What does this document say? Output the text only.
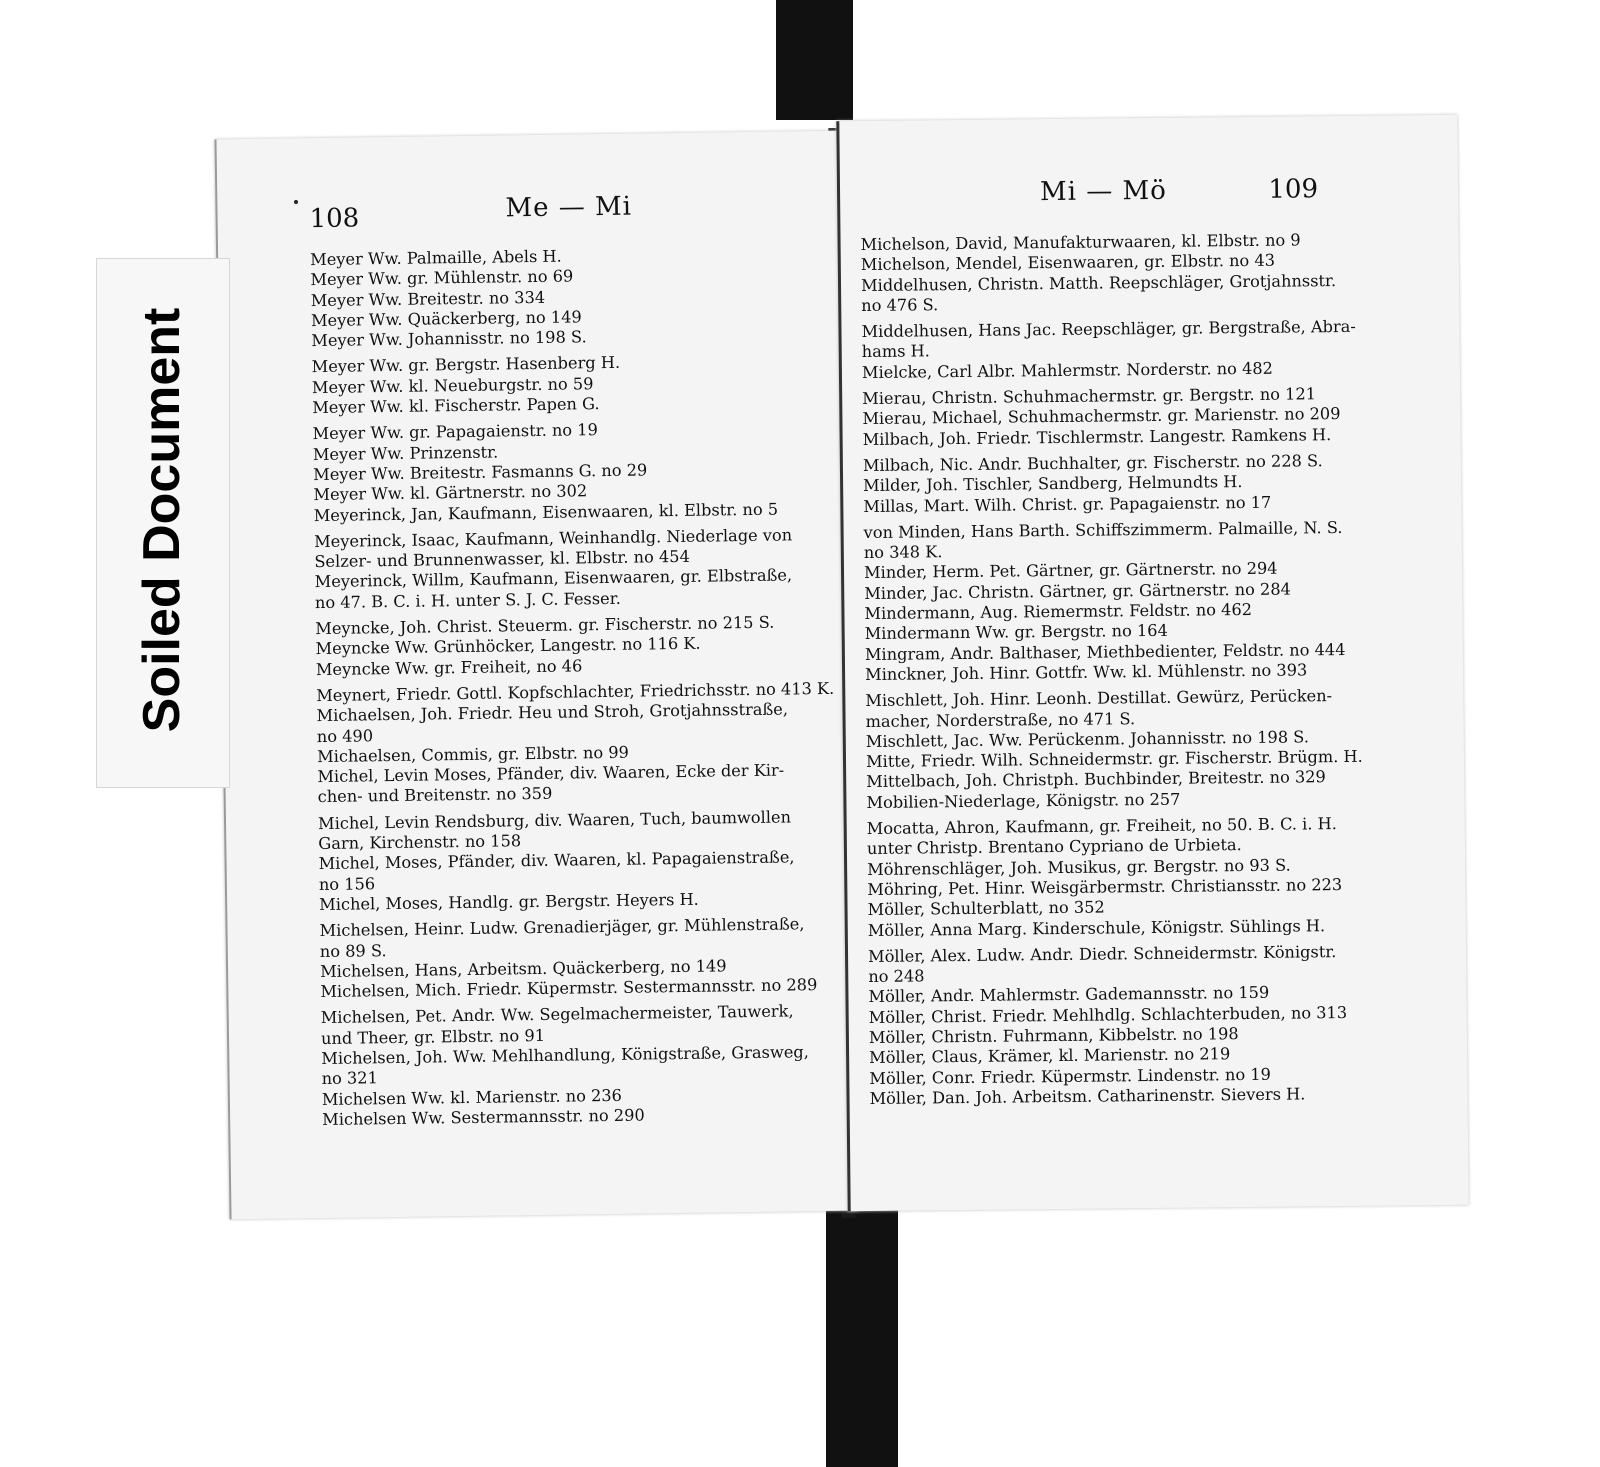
108	Me — Mi
Meyer Ww. Palmaille, Abels H.
Meyer Ww. gr. Mühlenstr. no 69
Meyer Ww. Breitestr. no 334
Meyer Ww. Quäckerberg, no 149
Meyer Ww. Johannisstr. no 198 S.
Meyer Ww. gr. Bergstr. Hasenberg H.
Meyer Ww. kl. Neueburgstr. no 59
Meyer Ww. kl. Fischerstr. Papen G.
Meyer Ww. gr. Papagaienstr. no 19
Meyer Ww. Prinzenstr.
Meyer Ww. Breitestr. Fasmanns G. no 29
Meyer Ww. kl. Gärtnerstr. no 302
Meyerinck, Jan, Kaufmann, Eisenwaaren, kl. Elbstr. no 5
Meyerinck, Isaac, Kaufmann, Weinhandlg. Niederlage von
Selzer- und Brunnenwasser, kl. Elbstr. no 454
Meyerinck, Willm, Kaufmann, Eisenwaaren, gr. Elbstraße,
no 47. B. C. i. H. unter S. J. C. Fesser.
Meyncke, Joh. Christ. Steuerm. gr. Fischerstr. no 215 S.
Meyncke Ww. Grünhöcker, Langestr. no 116 K.
Meyncke Ww. gr. Freiheit, no 46
Meynert, Friedr. Gottl. Kopfschlachter, Friedrichsstr. no 413 K.
Michaelsen, Joh. Friedr. Heu und Stroh, Grotjahnsstraße,
no 490
Michaelsen, Commis, gr. Elbstr. no 99
Michel, Levin Moses, Pfänder, div. Waaren, Ecke der Kir-
chen- und Breitenstr. no 359
Michel, Levin Rendsburg, div. Waaren, Tuch, baumwollen
Garn, Kirchenstr. no 158
Michel, Moses, Pfänder, div. Waaren, kl. Papagaienstraße,
no 156
Michel, Moses, Handlg. gr. Bergstr. Heyers H.
Michelsen, Heinr. Ludw. Grenadierjäger, gr. Mühlenstraße,
no 89 S.
Michelsen, Hans, Arbeitsm. Quäckerberg, no 149
Michelsen, Mich. Friedr. Küpermstr. Sestermannsstr. no 289
Michelsen, Pet. Andr. Ww. Segelmachermeister, Tauwerk,
und Theer, gr. Elbstr. no 91
Michelsen, Joh. Ww. Mehlhandlung, Königstraße, Grasweg,
no 321
Michelsen Ww. kl. Marienstr. no 236
Michelsen Ww. Sestermannsstr. no 290
Mi — Mö	109
Michelson, David, Manufakturwaaren, kl. Elbstr. no 9
Michelson, Mendel, Eisenwaaren, gr. Elbstr. no 43
Middelhusen, Christn. Matth. Reepschläger, Grotjahnsstr.
no 476 S.
Middelhusen, Hans Jac. Reepschläger, gr. Bergstraße, Abra-
hams H.
Mielcke, Carl Albr. Mahlermstr. Norderstr. no 482
Mierau, Christn. Schuhmachermstr. gr. Bergstr. no 121
Mierau, Michael, Schuhmachermstr. gr. Marienstr. no 209
Milbach, Joh. Friedr. Tischlermstr. Langestr. Ramkens H.
Milbach, Nic. Andr. Buchhalter, gr. Fischerstr. no 228 S.
Milder, Joh. Tischler, Sandberg, Helmundts H.
Millas, Mart. Wilh. Christ. gr. Papagaienstr. no 17
von Minden, Hans Barth. Schiffszimmerm. Palmaille, N. S.
no 348 K.
Minder, Herm. Pet. Gärtner, gr. Gärtnerstr. no 294
Minder, Jac. Christn. Gärtner, gr. Gärtnerstr. no 284
Mindermann, Aug. Riemermstr. Feldstr. no 462
Mindermann Ww. gr. Bergstr. no 164
Mingram, Andr. Balthaser, Miethbedienter, Feldstr. no 444
Minckner, Joh. Hinr. Gottfr. Ww. kl. Mühlenstr. no 393
Mischlett, Joh. Hinr. Leonh. Destillat. Gewürz, Perücken-
macher, Norderstraße, no 471 S.
Mischlett, Jac. Ww. Perückenm. Johannisstr. no 198 S.
Mitte, Friedr. Wilh. Schneidermstr. gr. Fischerstr. Brügm. H.
Mittelbach, Joh. Christph. Buchbinder, Breitestr. no 329
Mobilien-Niederlage, Königstr. no 257
Mocatta, Ahron, Kaufmann, gr. Freiheit, no 50. B. C. i. H.
unter Christp. Brentano Cypriano de Urbieta.
Möhrenschläger, Joh. Musikus, gr. Bergstr. no 93 S.
Möhring, Pet. Hinr. Weisgärbermstr. Christiansstr. no 223
Möller, Schulterblatt, no 352
Möller, Anna Marg. Kinderschule, Königstr. Sühlings H.
Möller, Alex. Ludw. Andr. Diedr. Schneidermstr. Königstr.
no 248
Möller, Andr. Mahlermstr. Gademannsstr. no 159
Möller, Christ. Friedr. Mehlhdlg. Schlachterbuden, no 313
Möller, Christn. Fuhrmann, Kibbelstr. no 198
Möller, Claus, Krämer, kl. Marienstr. no 219
Möller, Conr. Friedr. Küpermstr. Lindenstr. no 19
Möller, Dan. Joh. Arbeitsm. Catharinenstr. Sievers H.
Soiled Document
